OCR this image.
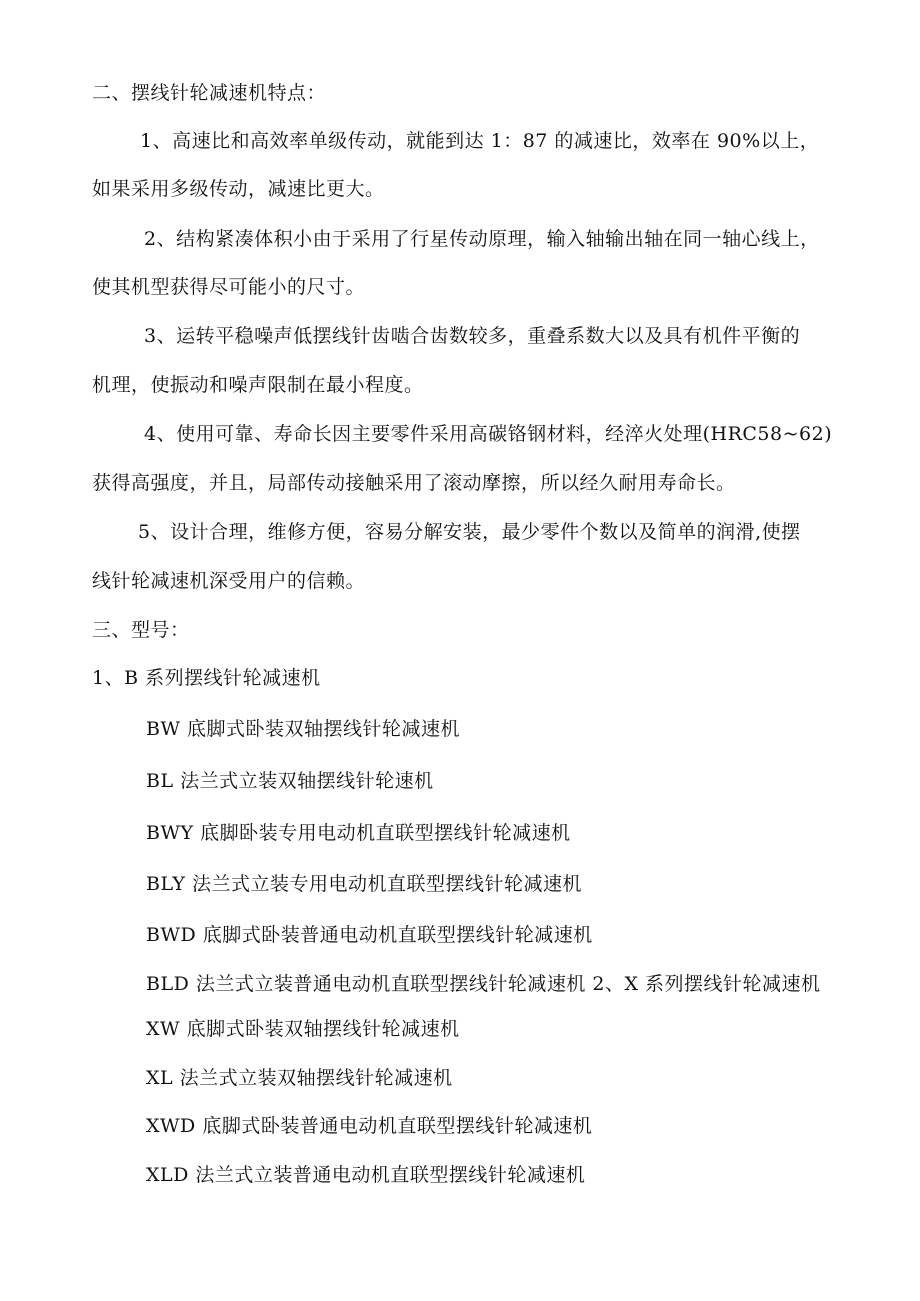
二、摆线针轮减速机特点：

1、高速比和高效率单级传动，就能到达 1：87 的减速比，效率在 90%以上，

如果采用多级传动，减速比更大。

2、结构紧凑体积小由于采用了行星传动原理，输入轴输出轴在同一轴心线上，

使其机型获得尽可能小的尺寸。

3、运转平稳噪声低摆线针齿啮合齿数较多，重叠系数大以及具有机件平衡的

机理，使振动和噪声限制在最小程度。

4、使用可靠、寿命长因主要零件采用高碳铬钢材料，经淬火处理(HRC58~62)

获得高强度，并且，局部传动接触采用了滚动摩擦，所以经久耐用寿命长。

5、设计合理，维修方便，容易分解安装，最少零件个数以及简单的润滑,使摆

线针轮减速机深受用户的信赖。

三、型号：

1、B 系列摆线针轮减速机

BW 底脚式卧装双轴摆线针轮减速机

BL 法兰式立装双轴摆线针轮速机

BWY 底脚卧装专用电动机直联型摆线针轮减速机

BLY 法兰式立装专用电动机直联型摆线针轮减速机

BWD 底脚式卧装普通电动机直联型摆线针轮减速机

BLD 法兰式立装普通电动机直联型摆线针轮减速机 2、X 系列摆线针轮减速机

XW 底脚式卧装双轴摆线针轮减速机

XL 法兰式立装双轴摆线针轮减速机

XWD 底脚式卧装普通电动机直联型摆线针轮减速机

XLD 法兰式立装普通电动机直联型摆线针轮减速机
